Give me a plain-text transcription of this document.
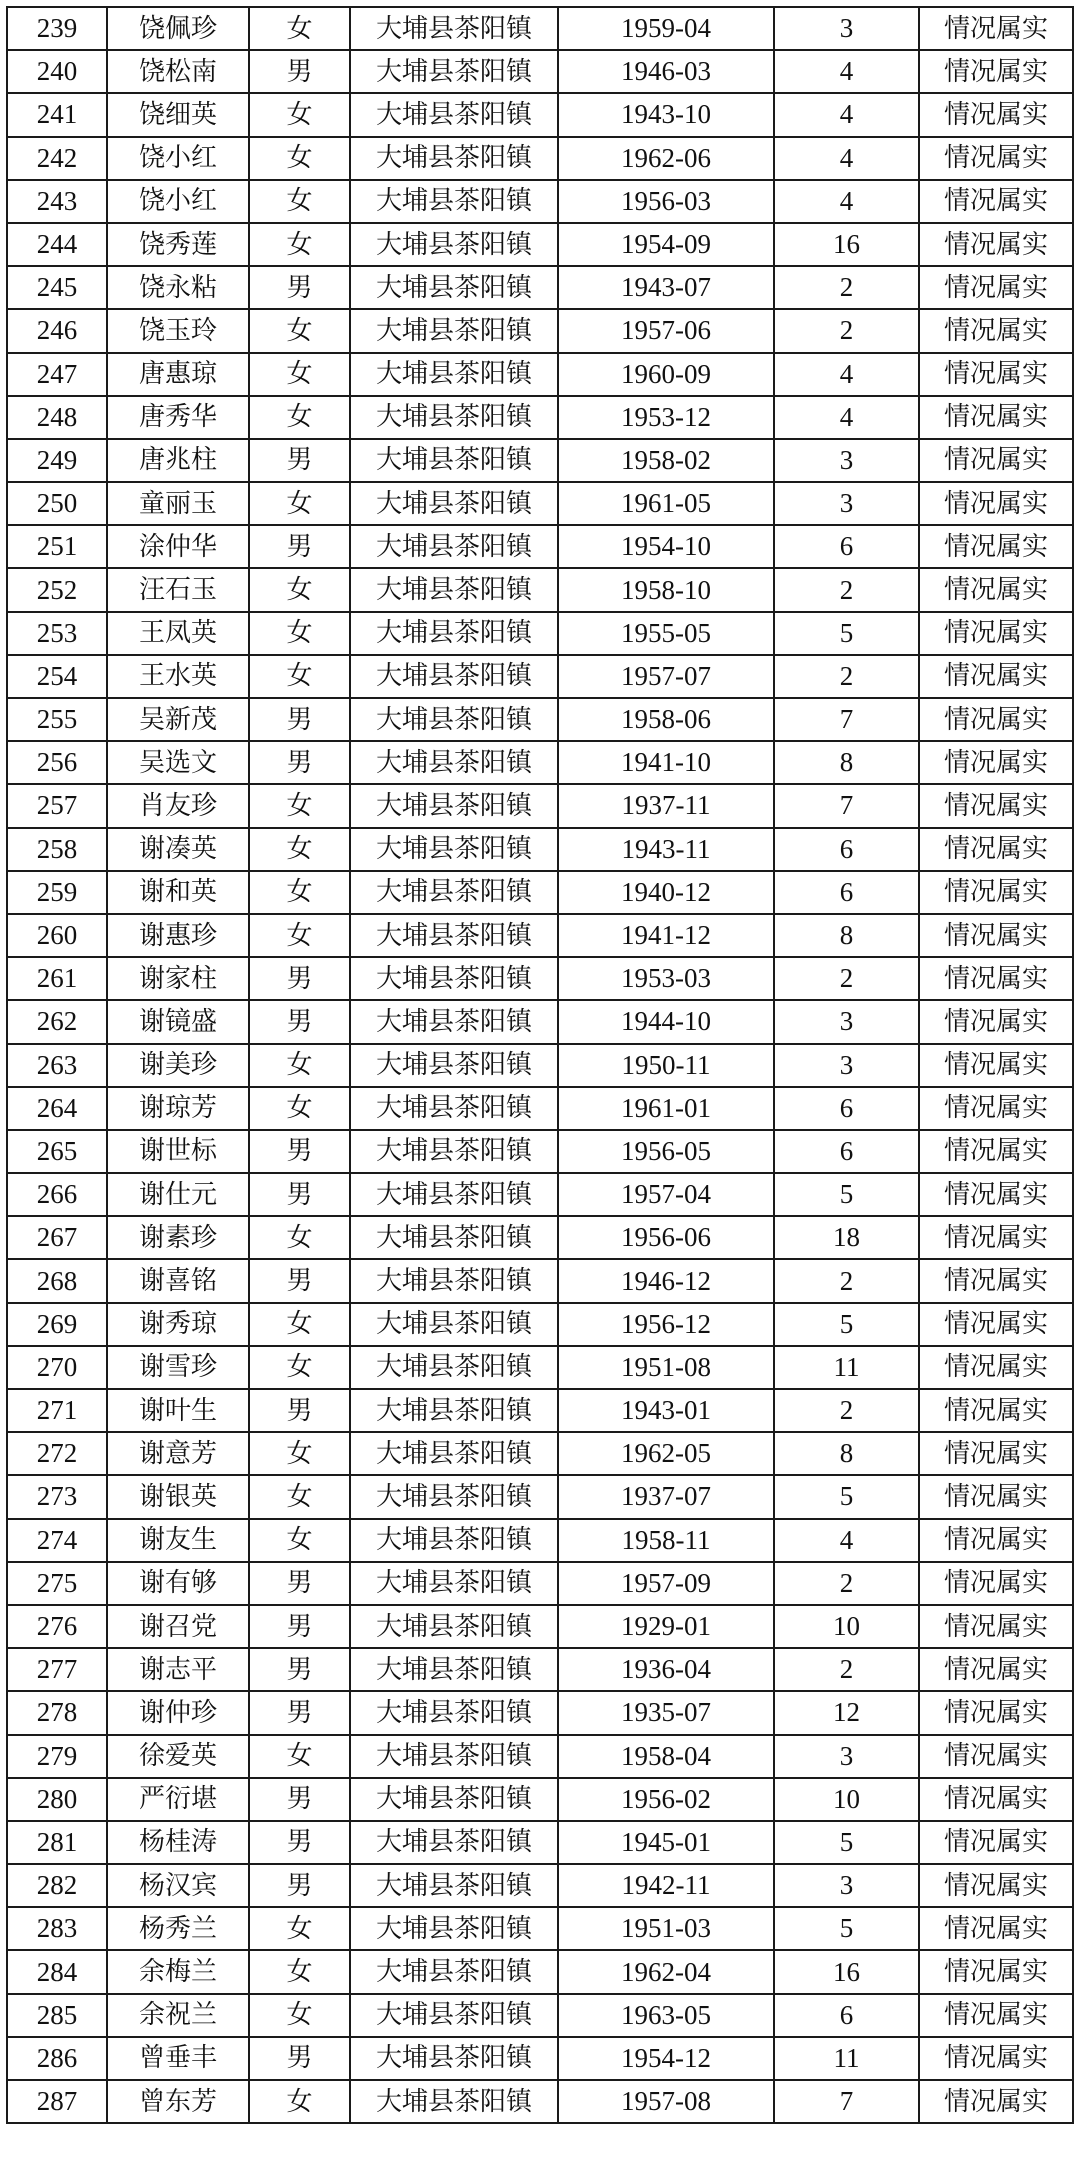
239	饶佩珍	女	大埔县茶阳镇	1959-04	3	情况属实
240	饶松南	男	大埔县茶阳镇	1946-03	4	情况属实
241	饶细英	女	大埔县茶阳镇	1943-10	4	情况属实
242	饶小红	女	大埔县茶阳镇	1962-06	4	情况属实
243	饶小红	女	大埔县茶阳镇	1956-03	4	情况属实
244	饶秀莲	女	大埔县茶阳镇	1954-09	16	情况属实
245	饶永粘	男	大埔县茶阳镇	1943-07	2	情况属实
246	饶玉玲	女	大埔县茶阳镇	1957-06	2	情况属实
247	唐惠琼	女	大埔县茶阳镇	1960-09	4	情况属实
248	唐秀华	女	大埔县茶阳镇	1953-12	4	情况属实
249	唐兆柱	男	大埔县茶阳镇	1958-02	3	情况属实
250	童丽玉	女	大埔县茶阳镇	1961-05	3	情况属实
251	涂仲华	男	大埔县茶阳镇	1954-10	6	情况属实
252	汪石玉	女	大埔县茶阳镇	1958-10	2	情况属实
253	王凤英	女	大埔县茶阳镇	1955-05	5	情况属实
254	王水英	女	大埔县茶阳镇	1957-07	2	情况属实
255	吴新茂	男	大埔县茶阳镇	1958-06	7	情况属实
256	吴选文	男	大埔县茶阳镇	1941-10	8	情况属实
257	肖友珍	女	大埔县茶阳镇	1937-11	7	情况属实
258	谢凑英	女	大埔县茶阳镇	1943-11	6	情况属实
259	谢和英	女	大埔县茶阳镇	1940-12	6	情况属实
260	谢惠珍	女	大埔县茶阳镇	1941-12	8	情况属实
261	谢家柱	男	大埔县茶阳镇	1953-03	2	情况属实
262	谢镜盛	男	大埔县茶阳镇	1944-10	3	情况属实
263	谢美珍	女	大埔县茶阳镇	1950-11	3	情况属实
264	谢琼芳	女	大埔县茶阳镇	1961-01	6	情况属实
265	谢世标	男	大埔县茶阳镇	1956-05	6	情况属实
266	谢仕元	男	大埔县茶阳镇	1957-04	5	情况属实
267	谢素珍	女	大埔县茶阳镇	1956-06	18	情况属实
268	谢喜铭	男	大埔县茶阳镇	1946-12	2	情况属实
269	谢秀琼	女	大埔县茶阳镇	1956-12	5	情况属实
270	谢雪珍	女	大埔县茶阳镇	1951-08	11	情况属实
271	谢叶生	男	大埔县茶阳镇	1943-01	2	情况属实
272	谢意芳	女	大埔县茶阳镇	1962-05	8	情况属实
273	谢银英	女	大埔县茶阳镇	1937-07	5	情况属实
274	谢友生	女	大埔县茶阳镇	1958-11	4	情况属实
275	谢有够	男	大埔县茶阳镇	1957-09	2	情况属实
276	谢召党	男	大埔县茶阳镇	1929-01	10	情况属实
277	谢志平	男	大埔县茶阳镇	1936-04	2	情况属实
278	谢仲珍	男	大埔县茶阳镇	1935-07	12	情况属实
279	徐爱英	女	大埔县茶阳镇	1958-04	3	情况属实
280	严衍堪	男	大埔县茶阳镇	1956-02	10	情况属实
281	杨桂涛	男	大埔县茶阳镇	1945-01	5	情况属实
282	杨汉宾	男	大埔县茶阳镇	1942-11	3	情况属实
283	杨秀兰	女	大埔县茶阳镇	1951-03	5	情况属实
284	余梅兰	女	大埔县茶阳镇	1962-04	16	情况属实
285	余祝兰	女	大埔县茶阳镇	1963-05	6	情况属实
286	曾垂丰	男	大埔县茶阳镇	1954-12	11	情况属实
287	曾东芳	女	大埔县茶阳镇	1957-08	7	情况属实
